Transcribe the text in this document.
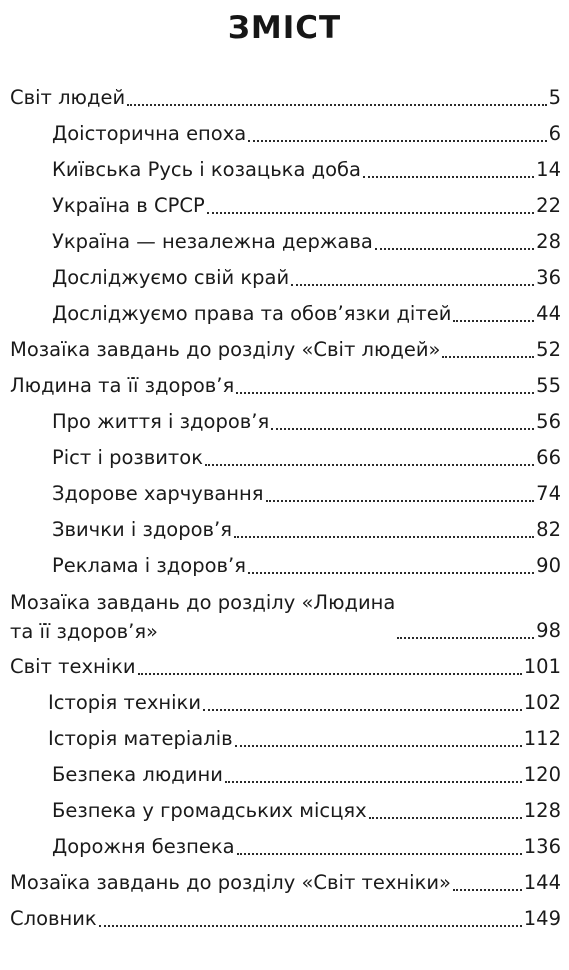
ЗМІСТ
Світ людей	5
Доісторична епоха	6
Київська Русь і козацька доба	14
Україна в СРСР	22
Україна — незалежна держава	28
Досліджуємо свій край	36
Досліджуємо права та обов’язки дітей	44
Мозаїка завдань до розділу «Світ людей»	52
Людина та її здоров’я	55
Про життя і здоров’я	56
Ріст і розвиток	66
Здорове харчування	74
Звички і здоров’я	82
Реклама і здоров’я	90
Мозаїка завдань до розділу «Людина
та її здоров’я»	98
Світ техніки	101
Історія техніки	102
Історія матеріалів	112
Безпека людини	120
Безпека у громадських місцях	128
Дорожня безпека	136
Мозаїка завдань до розділу «Світ техніки»	144
Словник	149
